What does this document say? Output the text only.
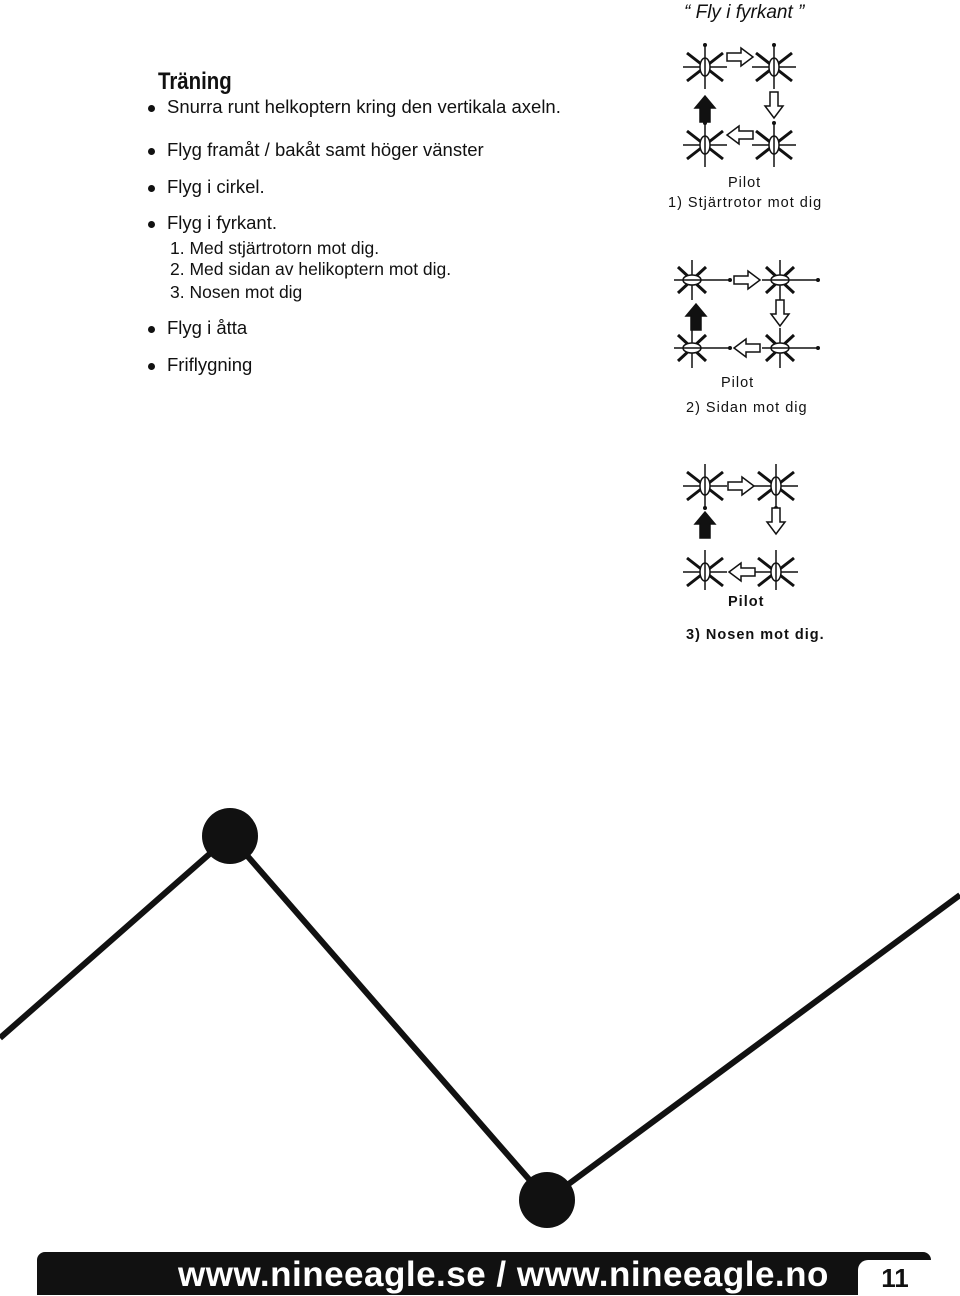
“ Fly i fyrkant ”
Träning
Snurra runt helkoptern kring den vertikala axeln.
Flyg framåt / bakåt samt höger vänster
Flyg i cirkel.
Flyg i fyrkant.
1. Med stjärtrotorn mot dig.
2. Med sidan av helikoptern mot dig.
3. Nosen mot dig
Flyg i åtta
Friflygning
Pilot
1) Stjärtrotor mot dig
Pilot
2) Sidan mot dig
Pilot
3) Nosen mot dig.
www.nineeagle.se / www.nineeagle.no	11
